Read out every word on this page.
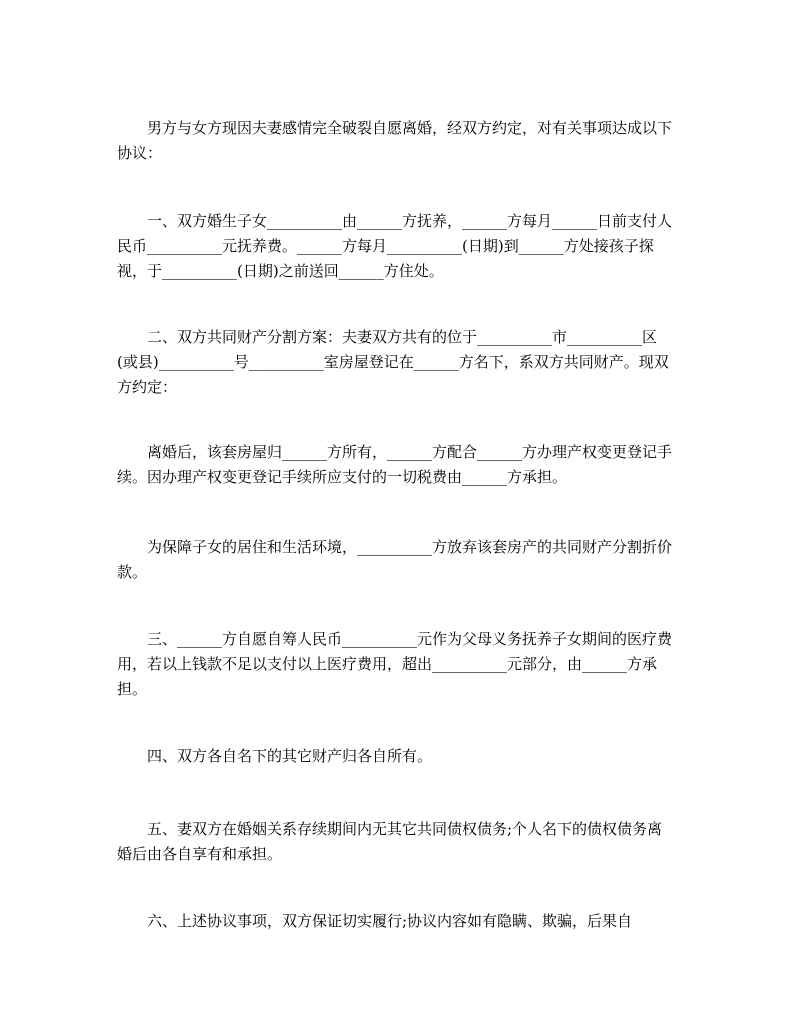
男方与女方现因夫妻感情完全破裂自愿离婚，经双方约定，对有关事项达成以下协议：

一、双方婚生子女__________由______方抚养，______方每月______日前支付人民币__________元抚养费。______方每月__________(日期)到______方处接孩子探视，于__________(日期)之前送回______方住处。

二、双方共同财产分割方案：夫妻双方共有的位于__________市__________区(或县)__________号__________室房屋登记在______方名下，系双方共同财产。现双方约定：

离婚后，该套房屋归______方所有，______方配合______方办理产权变更登记手续。因办理产权变更登记手续所应支付的一切税费由______方承担。

为保障子女的居住和生活环境，__________方放弃该套房产的共同财产分割折价款。

三、______方自愿自筹人民币__________元作为父母义务抚养子女期间的医疗费用，若以上钱款不足以支付以上医疗费用，超出__________元部分，由______方承担。

四、双方各自名下的其它财产归各自所有。

五、妻双方在婚姻关系存续期间内无其它共同债权债务;个人名下的债权债务离婚后由各自享有和承担。

六、上述协议事项，双方保证切实履行;协议内容如有隐瞒、欺骗，后果自
